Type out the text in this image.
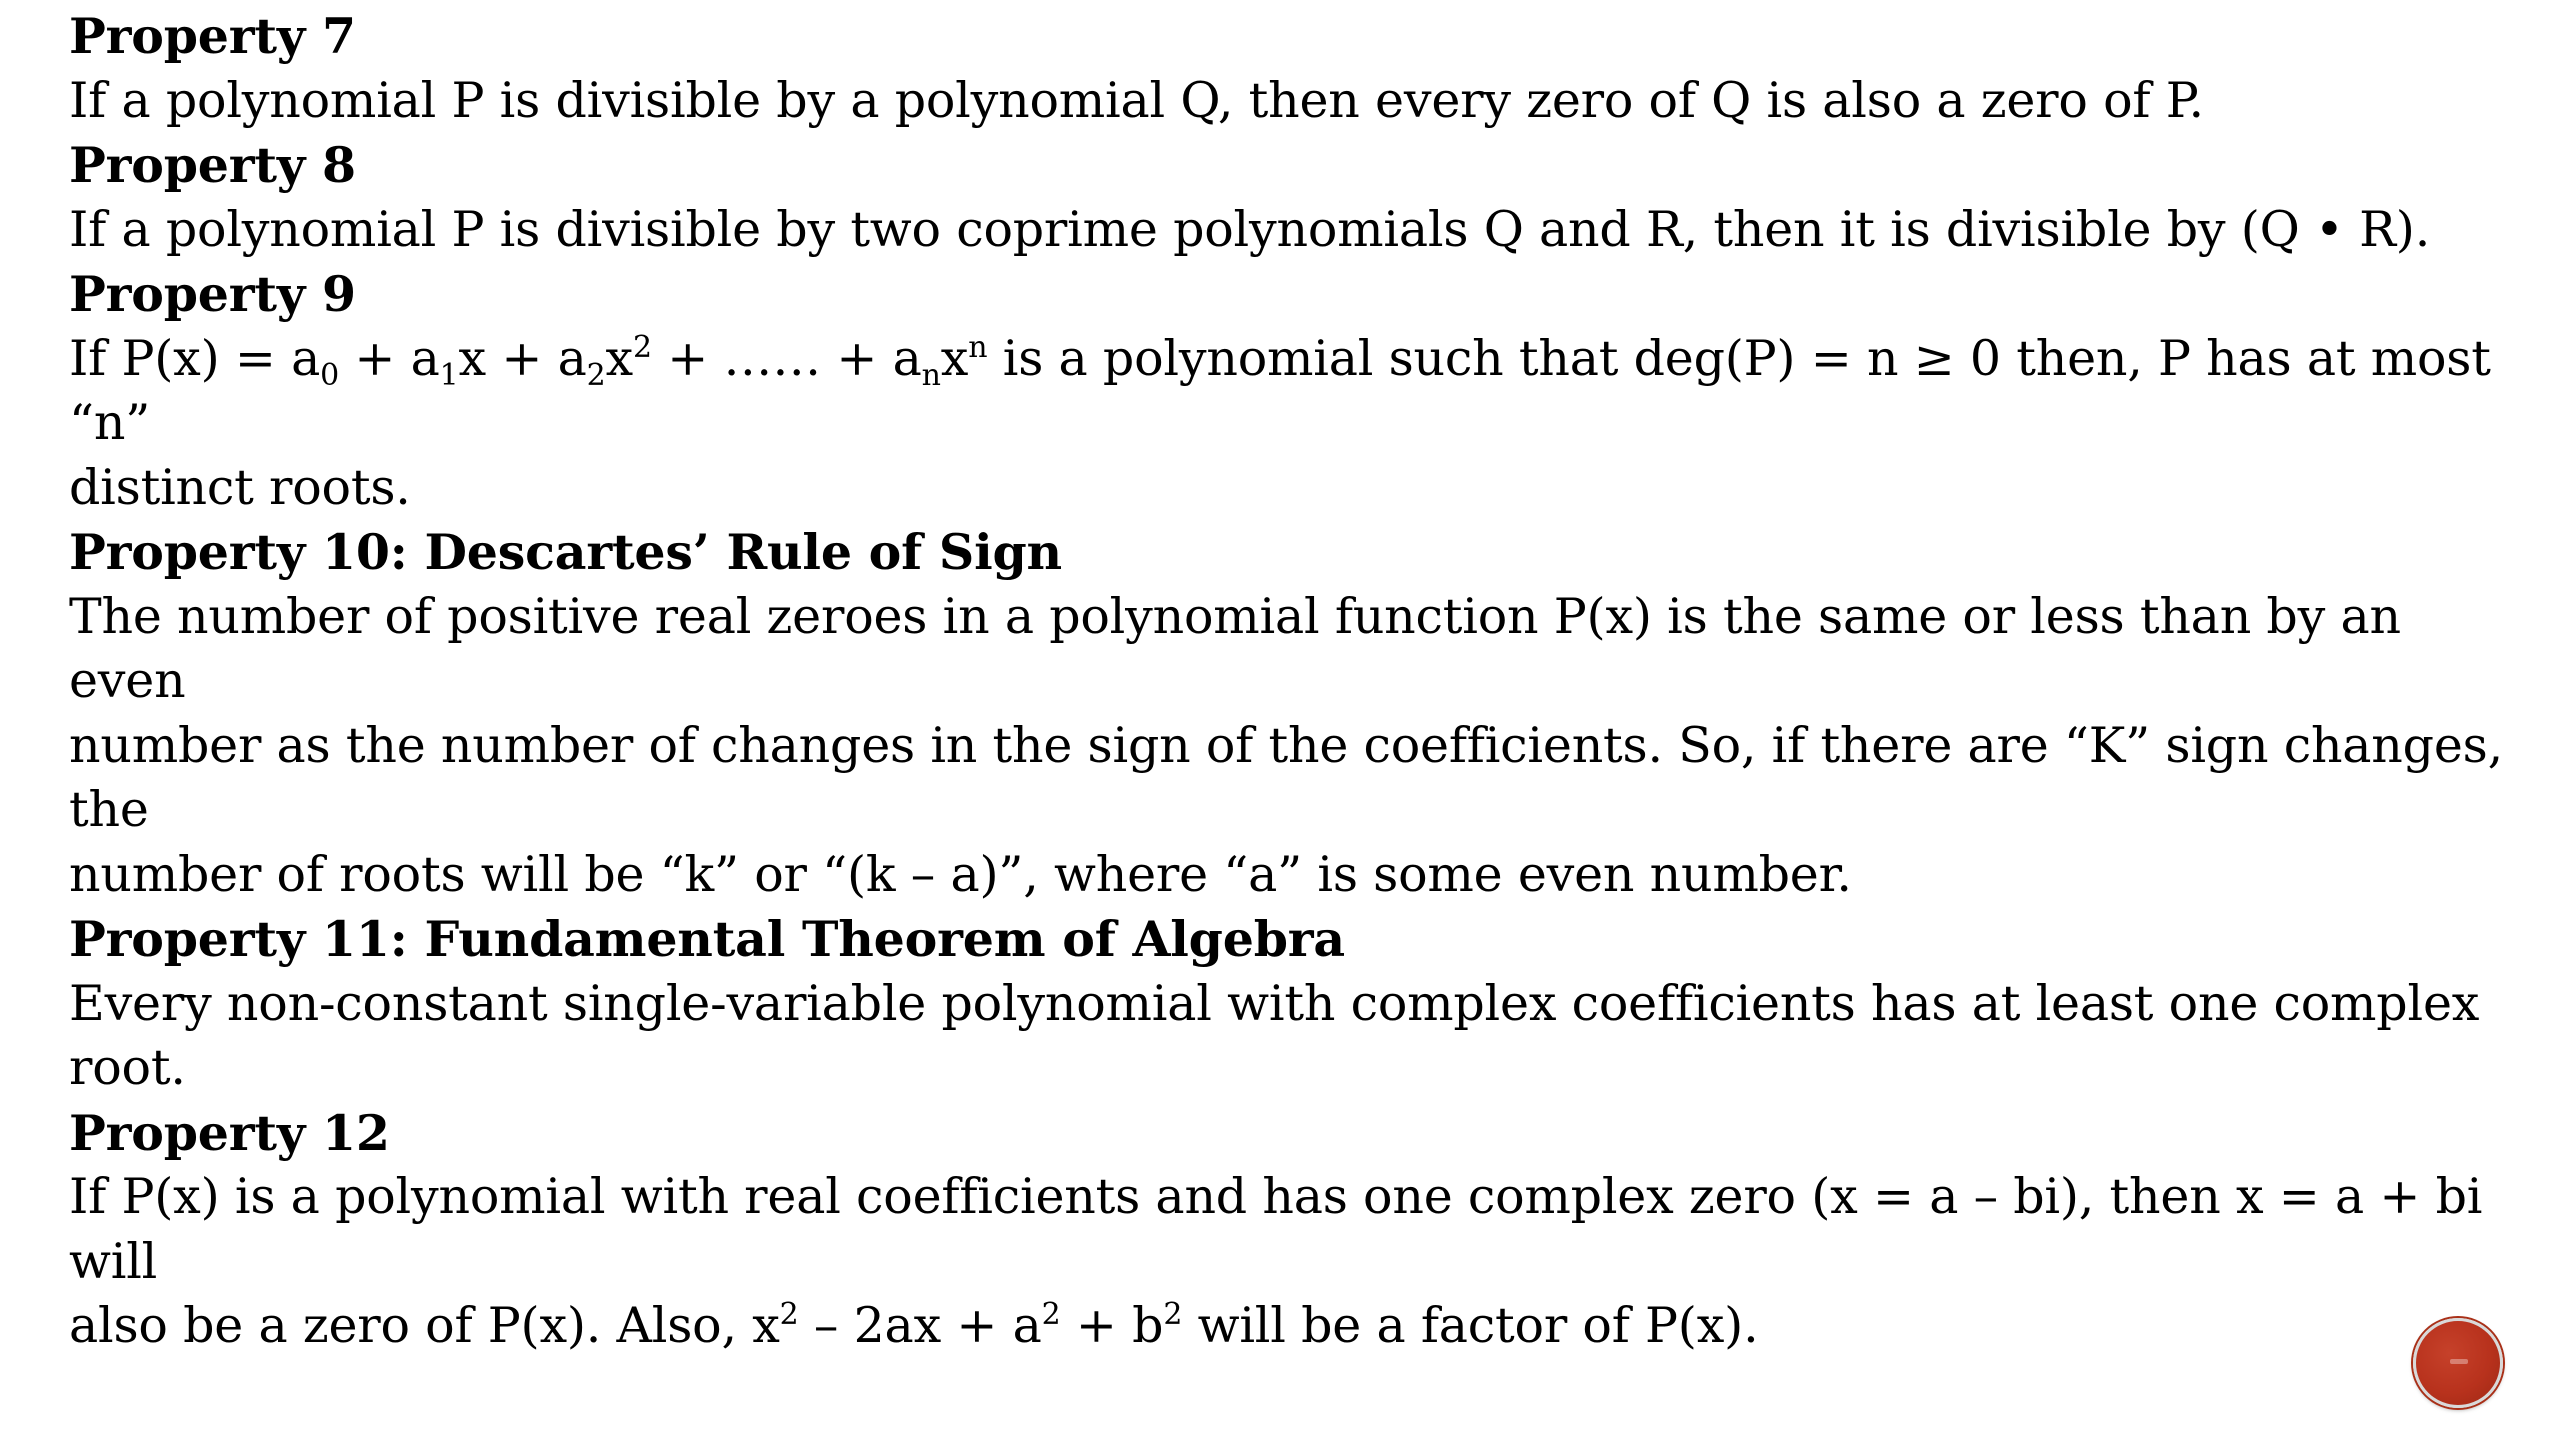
Property 7
If a polynomial P is divisible by a polynomial Q, then every zero of Q is also a zero of P.
Property 8
If a polynomial P is divisible by two coprime polynomials Q and R, then it is divisible by (Q • R).
Property 9
If $P(x) = a_0 + a_1x + a_2x^2$ + …… + $a_nx^n$ is a polynomial such that deg(P) = n ≥ 0 then, P has at most “n”
distinct roots.
Property 10: Descartes’ Rule of Sign
The number of positive real zeroes in a polynomial function P(x) is the same or less than by an even
number as the number of changes in the sign of the coefficients. So, if there are “K” sign changes, the
number of roots will be “k” or “(k – a)”, where “a” is some even number.
Property 11: Fundamental Theorem of Algebra
Every non-constant single-variable polynomial with complex coefficients has at least one complex
root.
Property 12
If P(x) is a polynomial with real coefficients and has one complex zero (x = a – bi), then x = a + bi will
also be a zero of P(x). Also, $x^2 - 2ax + a^2 + b^2$ will be a factor of P(x).
